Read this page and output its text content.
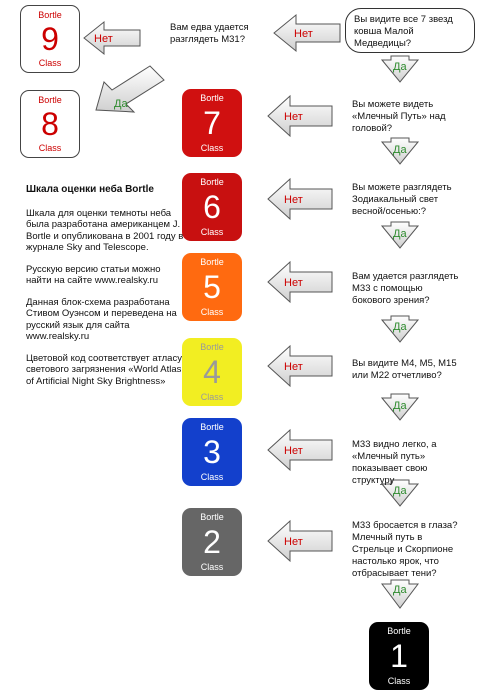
Нет
Нет
Нет
Нет
Нет
Нет
Нет
Нет
Да
Да
Да
Да
Да
Да
Да
Да
Bortle
9
Class
Bortle
8
Class
Bortle
7
Class
Bortle
6
Class
Bortle
5
Class
Bortle
4
Class
Bortle
3
Class
Bortle
2
Class
Bortle
1
Class
Вы видите все 7 звезд ковша Малой Медведицы?
Вам едва удается разглядеть М31?
Вы можете видеть «Млечный Путь» над головой?
Вы можете разглядеть Зодиакальный свет весной/осенью:?
Вам удается разглядеть М33 с помощью бокового зрения?
Вы видите М4, М5, М15 или М22 отчетливо?
М33 видно легко, а «Млечный путь» показывает свою структуру
М33 бросается в глаза? Млечный путь в Стрельце и Скорпионе настолько ярок, что отбрасывает тени?

Шкала оценки неба Bortle

Шкала для оценки темноты неба была разработана американцем J. Bortle и опубликована в 2001 году в журнале Sky and Telescope.

Русскую версию статьи можно найти на сайте www.realsky.ru

Данная блок-схема разработана Стивом Оуэнсом и переведена на русский язык для сайта www.realsky.ru

Цветовой код соответствует атласу светового загрязнения «World Atlas of Artificial Night Sky Brightness»
